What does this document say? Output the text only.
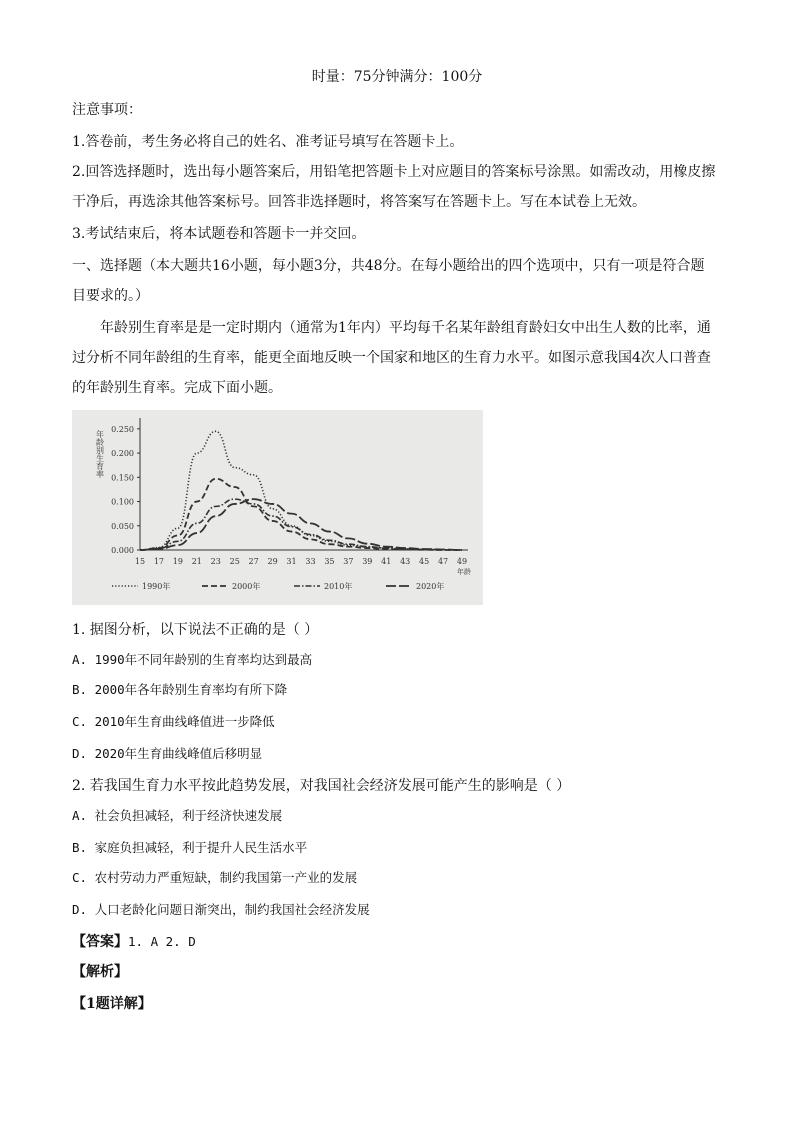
时量：75分钟满分：100分
注意事项：
1.答卷前，考生务必将自己的姓名、准考证号填写在答题卡上。
2.回答选择题时，选出每小题答案后，用铅笔把答题卡上对应题目的答案标号涂黑。如需改动，用橡皮擦
干净后，再选涂其他答案标号。回答非选择题时，将答案写在答题卡上。写在本试卷上无效。
3.考试结束后，将本试题卷和答题卡一并交回。
一、选择题（本大题共16小题，每小题3分，共48分。在每小题给出的四个选项中，只有一项是符合题
目要求的。）
年龄别生育率是是一定时期内（通常为1年内）平均每千名某年龄组育龄妇女中出生人数的比率，通
过分析不同年龄组的生育率，能更全面地反映一个国家和地区的生育力水平。如图示意我国4次人口普查
的年龄别生育率。完成下面小题。
0.000
0.050
0.100
0.150
0.200
0.250
15 17 19 21 23 25 27 29 31 33 35 37 39 41 43 45 47 49
年龄
年龄别生育率
1990年	2000年	2010年	2020年
1. 据图分析，以下说法不正确的是（ ）
A. 1990年不同年龄别的生育率均达到最高
B. 2000年各年龄别生育率均有所下降
C. 2010年生育曲线峰值进一步降低
D. 2020年生育曲线峰值后移明显
2. 若我国生育力水平按此趋势发展，对我国社会经济发展可能产生的影响是（ ）
A. 社会负担减轻，利于经济快速发展
B. 家庭负担减轻，利于提升人民生活水平
C. 农村劳动力严重短缺，制约我国第一产业的发展
D. 人口老龄化问题日渐突出，制约我国社会经济发展
【答案】1. A 2. D
【解析】
【1题详解】
